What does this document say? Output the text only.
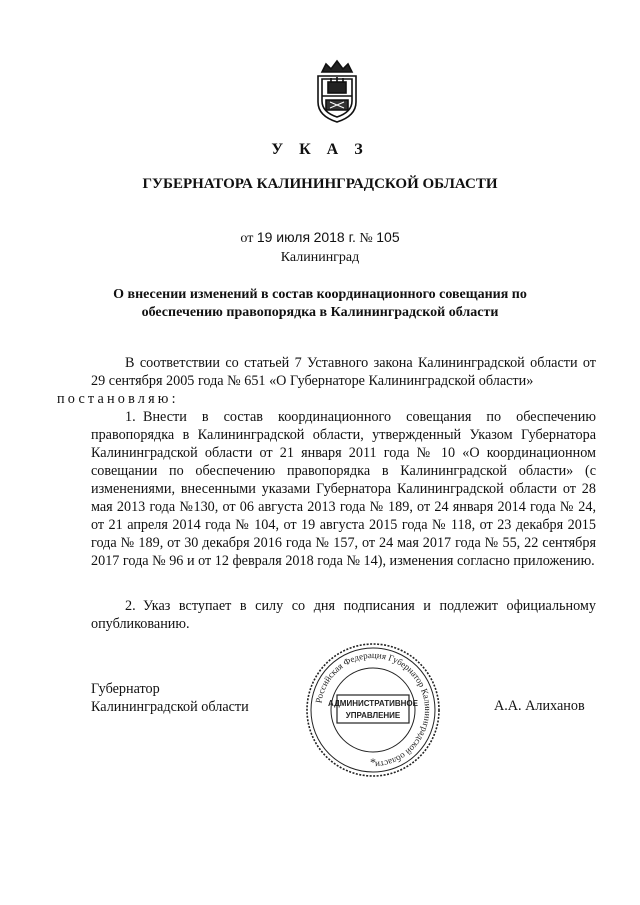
У К А З
ГУБЕРНАТОРА КАЛИНИНГРАДСКОЙ ОБЛАСТИ
от 19 июля 2018 г. № 105
Калининград
О внесении изменений в состав координационного совещания по
обеспечению правопорядка в Калининградской области
В соответствии со статьей 7 Уставного закона Калининградской области от 29 сентября 2005 года № 651 «О Губернаторе Калининградской области»
постановляю:
1. Внести в состав координационного совещания по обеспечению правопорядка в Калининградской области, утвержденный Указом Губернатора Калининградской области от 21 января 2011 года № 10 «О координационном совещании по обеспечению правопорядка в Калининградской области» (с изменениями, внесенными указами Губернатора Калининградской области от 28 мая 2013 года №130, от 06 августа 2013 года № 189, от 24 января 2014 года № 24, от 21 апреля 2014 года № 104, от 19 августа 2015 года № 118, от 23 декабря 2015 года № 189, от 30 декабря 2016 года № 157, от 24 мая 2017 года № 55, 22 сентября 2017 года № 96 и от 12 февраля 2018 года № 14), изменения согласно приложению.
2. Указ вступает в силу со дня подписания и подлежит официальному опубликованию.
Губернатор
Калининградской области	А.А. Алиханов
Российская Федерация Губернатор Калининградской области
АДМИНИСТРАТИВНОЕ
УПРАВЛЕНИЕ
*
